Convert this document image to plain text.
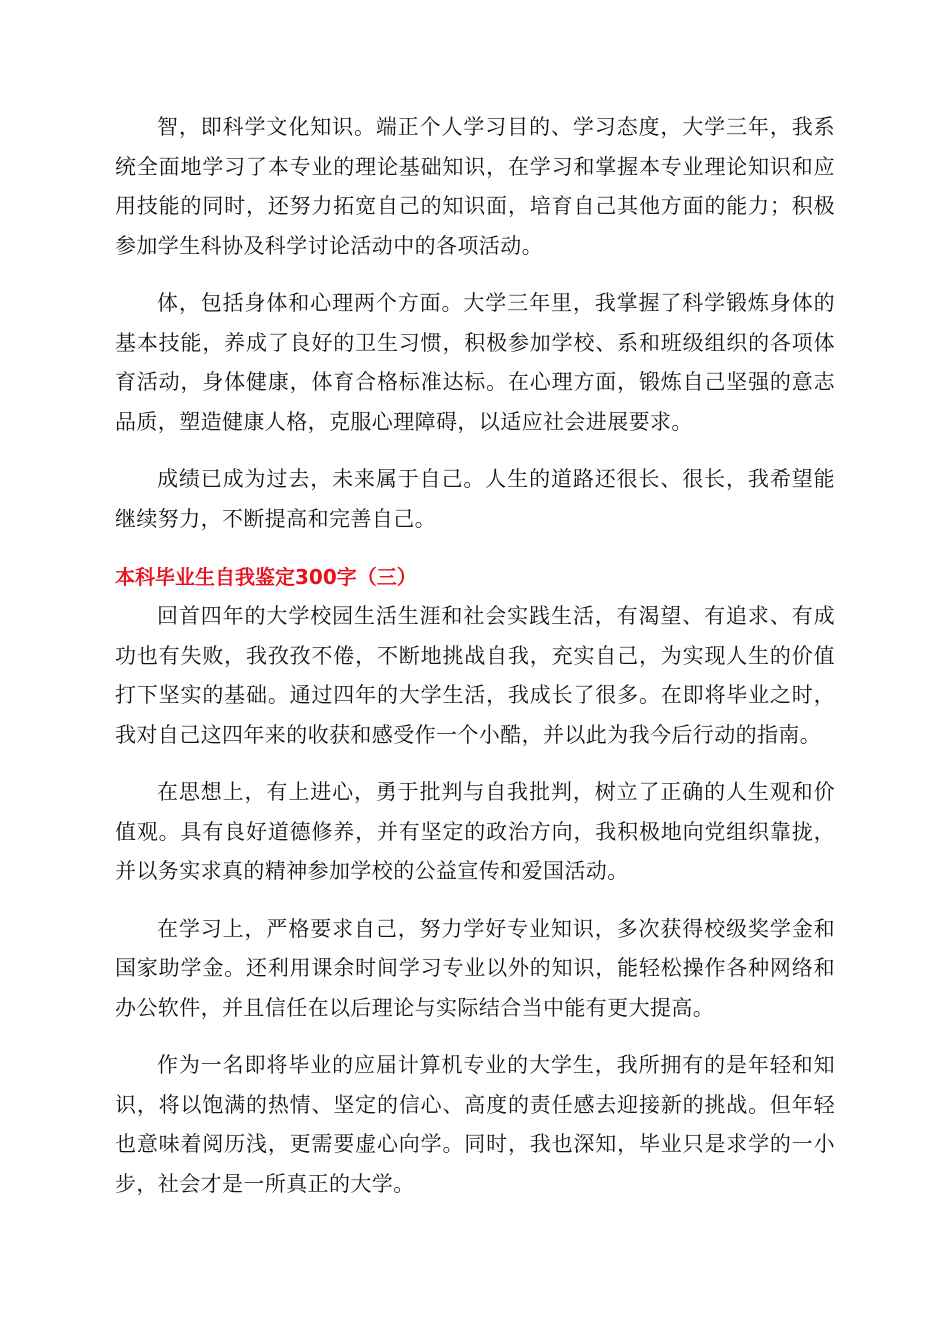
智，即科学文化知识。端正个人学习目的、学习态度，大学三年，我系统全面地学习了本专业的理论基础知识，在学习和掌握本专业理论知识和应用技能的同时，还努力拓宽自己的知识面，培育自己其他方面的能力；积极参加学生科协及科学讨论活动中的各项活动。

体，包括身体和心理两个方面。大学三年里，我掌握了科学锻炼身体的基本技能，养成了良好的卫生习惯，积极参加学校、系和班级组织的各项体育活动，身体健康，体育合格标准达标。在心理方面，锻炼自己坚强的意志品质，塑造健康人格，克服心理障碍，以适应社会进展要求。

成绩已成为过去，未来属于自己。人生的道路还很长、很长，我希望能继续努力，不断提高和完善自己。

本科毕业生自我鉴定300字（三）

回首四年的大学校园生活生涯和社会实践生活，有渴望、有追求、有成功也有失败，我孜孜不倦，不断地挑战自我，充实自己，为实现人生的价值打下坚实的基础。通过四年的大学生活，我成长了很多。在即将毕业之时，我对自己这四年来的收获和感受作一个小酷，并以此为我今后行动的指南。

在思想上，有上进心，勇于批判与自我批判，树立了正确的人生观和价值观。具有良好道德修养，并有坚定的政治方向，我积极地向党组织靠拢，并以务实求真的精神参加学校的公益宣传和爱国活动。

在学习上，严格要求自己，努力学好专业知识，多次获得校级奖学金和国家助学金。还利用课余时间学习专业以外的知识，能轻松操作各种网络和办公软件，并且信任在以后理论与实际结合当中能有更大提高。

作为一名即将毕业的应届计算机专业的大学生，我所拥有的是年轻和知识，将以饱满的热情、坚定的信心、高度的责任感去迎接新的挑战。但年轻也意味着阅历浅，更需要虚心向学。同时，我也深知，毕业只是求学的一小步，社会才是一所真正的大学。
